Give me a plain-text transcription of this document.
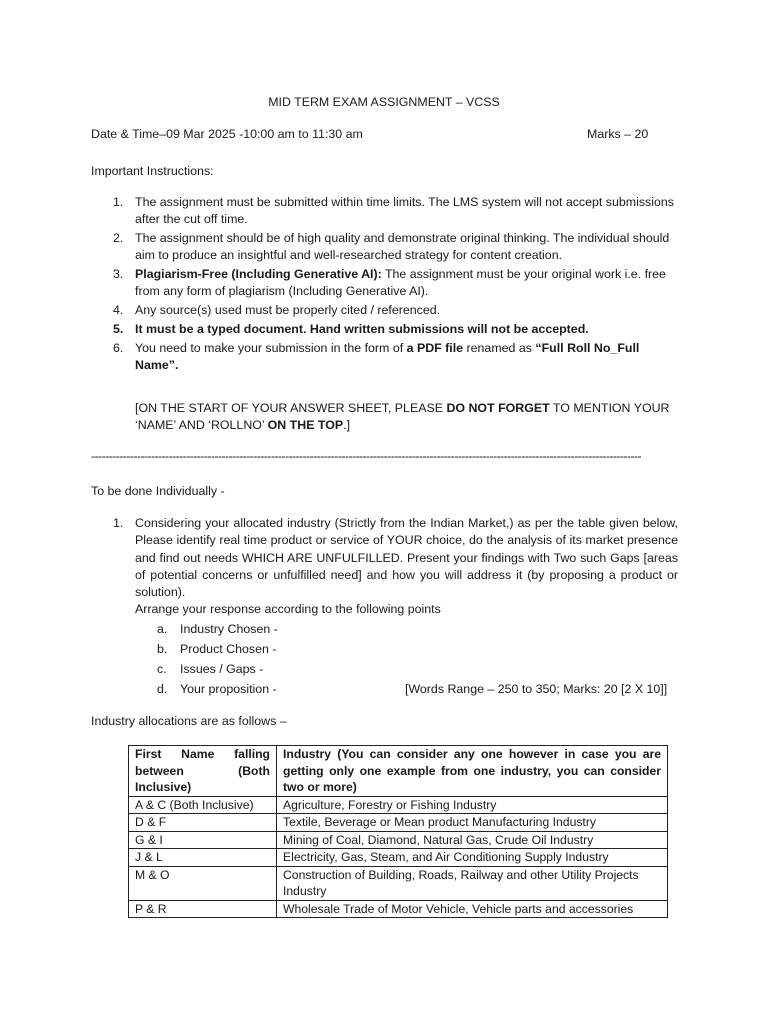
MID TERM EXAM ASSIGNMENT – VCSS
Date & Time–09 Mar 2025 -10:00 am to 11:30 am	Marks – 20
Important Instructions:
1. The assignment must be submitted within time limits. The LMS system will not accept submissions after the cut off time.
2. The assignment should be of high quality and demonstrate original thinking. The individual should aim to produce an insightful and well-researched strategy for content creation.
3. Plagiarism-Free (Including Generative AI): The assignment must be your original work i.e. free from any form of plagiarism (Including Generative AI).
4. Any source(s) used must be properly cited / referenced.
5. It must be a typed document. Hand written submissions will not be accepted.
6. You need to make your submission in the form of a PDF file renamed as “Full Roll No_Full Name”.
[ON THE START OF YOUR ANSWER SHEET, PLEASE DO NOT FORGET TO MENTION YOUR ‘NAME’ AND ‘ROLLNO’ ON THE TOP.]
------------------------------------------------------------------------------------------------------------------------------------------------------------
To be done Individually -
1. Considering your allocated industry (Strictly from the Indian Market,) as per the table given below, Please identify real time product or service of YOUR choice, do the analysis of its market presence and find out needs WHICH ARE UNFULFILLED. Present your findings with Two such Gaps [areas of potential concerns or unfulfilled need] and how you will address it (by proposing a product or solution).
Arrange your response according to the following points
a. Industry Chosen -
b. Product Chosen -
c. Issues / Gaps -
d. Your proposition -	[Words Range – 250 to 350; Marks: 20 [2 X 10]]
Industry allocations are as follows –
First Name falling between (Both Inclusive)	Industry (You can consider any one however in case you are getting only one example from one industry, you can consider two or more)
A & C (Both Inclusive)	Agriculture, Forestry or Fishing Industry
D & F	Textile, Beverage or Mean product Manufacturing Industry
G & I	Mining of Coal, Diamond, Natural Gas, Crude Oil Industry
J & L	Electricity, Gas, Steam, and Air Conditioning Supply Industry
M & O	Construction of Building, Roads, Railway and other Utility Projects Industry
P & R	Wholesale Trade of Motor Vehicle, Vehicle parts and accessories
